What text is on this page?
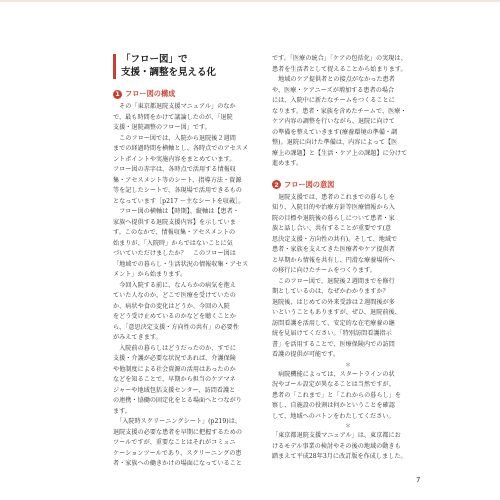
「フロー図」で
支援・調整を見える化
1 フロー図の構成
　その「東京都退院支援マニュアル」のなか
で、最も時間をかけて議論したのが、「退院
支援・退院調整のフロー図」です。
　このフロー図では、入院から退院後２週間
までの経過時間を横軸とし、各時点でのアセスメ
ントポイントや実施内容をまとめています。
フロー図の赤字は、各時点で活用する情報収
集・アセスメント等のシート、指導方法・資源
等を記したシートで、各現場で活用できるもの
となっています［p217 ～主なシートを収載］。
　フロー図の横軸は【時期】、縦軸は【患者・
家族へ提供する退院支援内容】を示していま
す。このなかで、情報収集・アセスメントの
始まりが、「入院時」からではないことに気
づいていただけましたか？　このフロー図は
「地域での暮らし・生活状況の情報収集・アセス
メント」から始まります。
　今回入院する前に、なんらかの病気を抱え
ていた人なのか、どこで医療を受けていたの
か、病状や食の変化はどうか、今回の入院
をどう受け止めているのかなどを聴くことか
ら、「意思決定支援・方向性の共有」の必要性
がみえてきます。
　入院前の暮らしはどうだったのか、すでに
支援・介護が必要な状況であれば、介護保険
や他制度による社会資源の活用はあったのか
などを知ることで、早期から担当のケアマネ
ジャーや地域包括支援センター、訪問看護と
の連携・協働の固定化をとる場面へとつながり
ます。
　「入院時スクリーニングシート」(p219)は、
退院支援の必要な患者を早期に把握するための
ツールですが、重要なことはそれがコミュニ
ケーションツールであり、スクリーニングの患
者・家族への働きかけの場面になっていること
です。「医療の統合」「ケアの包括化」の実現は、
患者を生活者として捉えることから始まります。
　地域のケア提供者との接点がなかった患者
や、医療・ケアニーズが増加する患者の場合
には、入院中に新たなチームをつくることに
なります。患者・家族を含めたチームで、医療・
ケア内容の調整を行いながら、退院に向けて
の準備を整えていきます(療養環境の準備・調
整)。退院に向けた準備は、内容によって【医
療上の課題】と【生活・ケア上の課題】に分けて
進めます。
2 フロー図の意図
　退院支援では、患者のこれまでの暮らしを
知り、入院目的や治療方針等医療情報から入
院の目標や退院後の暮らしについて患者・家
族と話し合い、共有することが重要です(意
思決定支援・方向性の共有)。そして、地域で
患者・家族を支えてきた医療者やケア提供者
と早期から情報を共有し、円滑な療養場所へ
の移行に向けたチームをつくります。
　このフロー図で、退院後２週間までを修行
期としているのは、なぜかわかりますか？
退院後、はじめての外来受診は２週間後が多
いということもありますが、ぜひ、退院前後、
訪問看護を活用して、安定的な在宅療養の継
続を見届けてください。「特別訪問看護指示
書」を活用することで、医療保険内での訪問
看護の提供が可能です。
＊
　病院機能によっては、スタートラインの状
況やゴール設定が異なることは当然ですが、
患者の「これまで」と「これからの暮らし」を
察し、自施設の役割は何かということを確認
して、地域へのバトンをわたしてください。
＊
「東京都退院支援マニュアル」は、東京都にお
けるモデル事業の検討やその後の地域の動きも
踏まえて平成28年3月に改訂版を作成しました。
7
